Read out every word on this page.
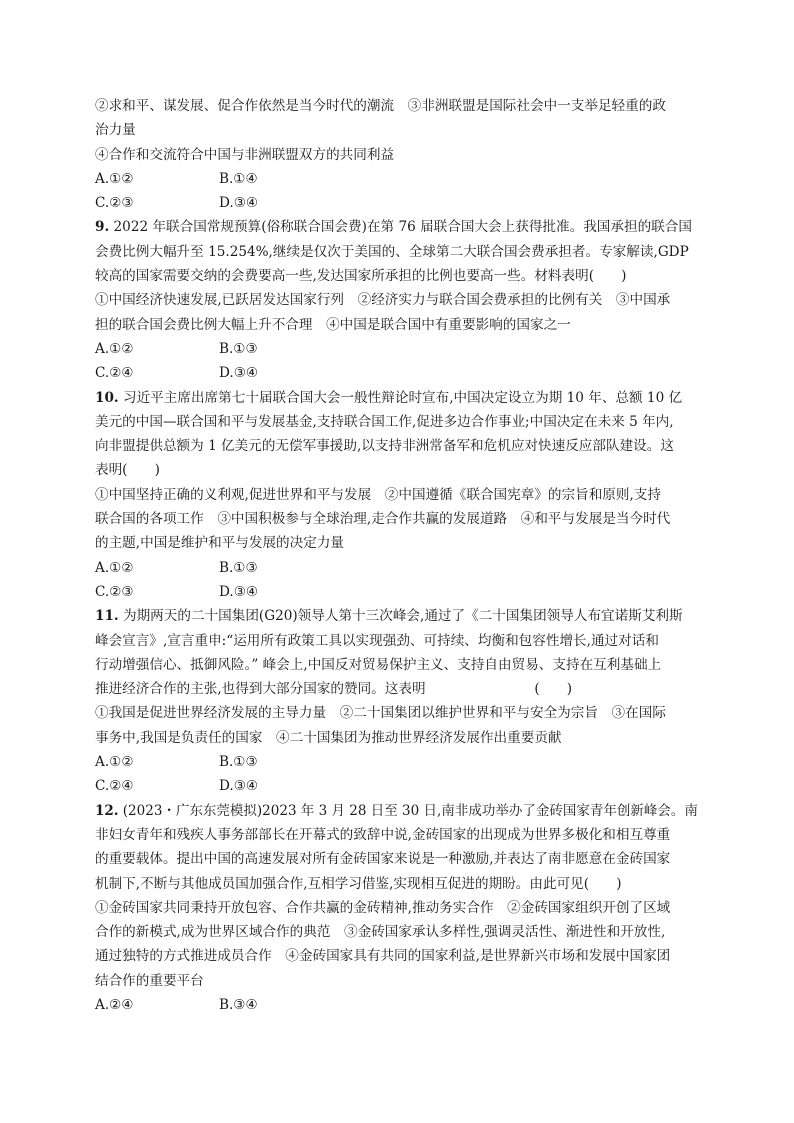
②求和平、谋发展、促合作依然是当今时代的潮流　③非洲联盟是国际社会中一支举足轻重的政
治力量
④合作和交流符合中国与非洲联盟双方的共同利益
A.①②	B.①④
C.②③	D.③④
9. 2022 年联合国常规预算(俗称联合国会费)在第 76 届联合国大会上获得批准。我国承担的联合国
会费比例大幅升至 15.254%,继续是仅次于美国的、全球第二大联合国会费承担者。专家解读,GDP
较高的国家需要交纳的会费要高一些,发达国家所承担的比例也要高一些。材料表明(　　)
①中国经济快速发展,已跃居发达国家行列　②经济实力与联合国会费承担的比例有关　③中国承
担的联合国会费比例大幅上升不合理　④中国是联合国中有重要影响的国家之一
A.①②	B.①③
C.②④	D.③④
10. 习近平主席出席第七十届联合国大会一般性辩论时宣布,中国决定设立为期 10 年、总额 10 亿
美元的中国—联合国和平与发展基金,支持联合国工作,促进多边合作事业;中国决定在未来 5 年内,
向非盟提供总额为 1 亿美元的无偿军事援助,以支持非洲常备军和危机应对快速反应部队建设。这
表明(　　)
①中国坚持正确的义利观,促进世界和平与发展　②中国遵循《联合国宪章》的宗旨和原则,支持
联合国的各项工作　③中国积极参与全球治理,走合作共赢的发展道路　④和平与发展是当今时代
的主题,中国是维护和平与发展的决定力量
A.①②	B.①③
C.②③	D.③④
11. 为期两天的二十国集团(G20)领导人第十三次峰会,通过了《二十国集团领导人布宜诺斯艾利斯
峰会宣言》,宣言重申:“运用所有政策工具以实现强劲、可持续、均衡和包容性增长,通过对话和
行动增强信心、抵御风险。” 峰会上,中国反对贸易保护主义、支持自由贸易、支持在互利基础上
推进经济合作的主张,也得到大部分国家的赞同。这表明　　　　　　　　(　　)
①我国是促进世界经济发展的主导力量　②二十国集团以维护世界和平与安全为宗旨　③在国际
事务中,我国是负责任的国家　④二十国集团为推动世界经济发展作出重要贡献
A.①②	B.①③
C.②④	D.③④
12. (2023・广东东莞模拟)2023 年 3 月 28 日至 30 日,南非成功举办了金砖国家青年创新峰会。南
非妇女青年和残疾人事务部部长在开幕式的致辞中说,金砖国家的出现成为世界多极化和相互尊重
的重要载体。提出中国的高速发展对所有金砖国家来说是一种激励,并表达了南非愿意在金砖国家
机制下,不断与其他成员国加强合作,互相学习借鉴,实现相互促进的期盼。由此可见(　　)
①金砖国家共同秉持开放包容、合作共赢的金砖精神,推动务实合作　②金砖国家组织开创了区域
合作的新模式,成为世界区域合作的典范　③金砖国家承认多样性,强调灵活性、渐进性和开放性,
通过独特的方式推进成员合作　④金砖国家具有共同的国家利益,是世界新兴市场和发展中国家团
结合作的重要平台
A.②④	B.③④
